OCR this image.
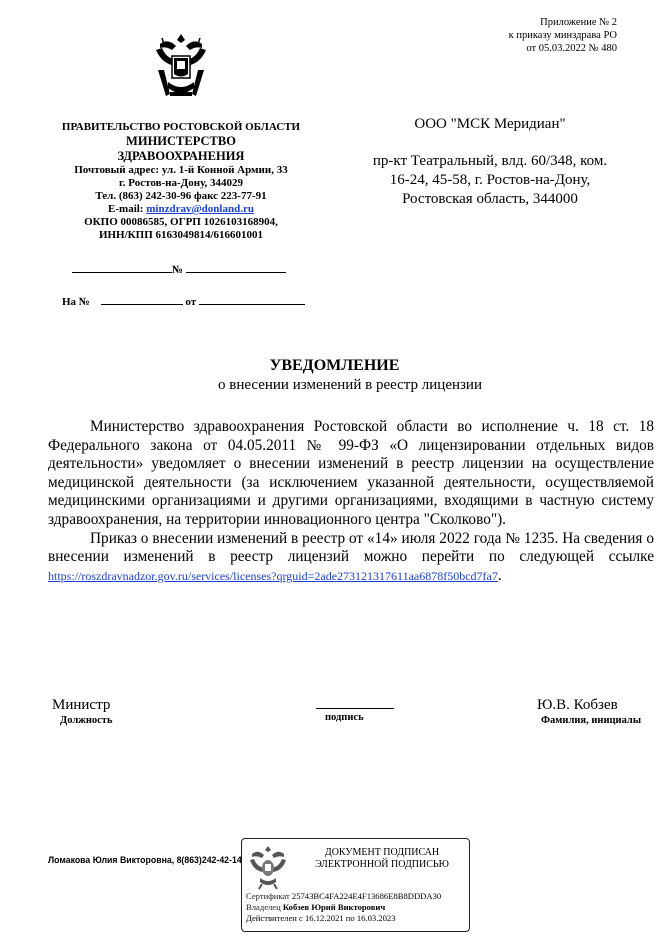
Приложение № 2
к приказу минздрава РО
от 05.03.2022 № 480
ПРАВИТЕЛЬСТВО РОСТОВСКОЙ ОБЛАСТИ
МИНИСТЕРСТВО
ЗДРАВООХРАНЕНИЯ
Почтовый адрес: ул. 1-й Конной Армии, 33
г. Ростов-на-Дону, 344029
Тел. (863) 242-30-96 факс 223-77-91
E-mail: minzdrav@donland.ru
ОКПО 00086585, ОГРП 1026103168904,
ИНН/КПП 6163049814/616601001
№
На №	от
ООО "МСК Меридиан"
пр-кт Театральный, влд. 60/348, ком.
16-24, 45-58, г. Ростов-на-Дону,
Ростовская область, 344000
УВЕДОМЛЕНИЕ
о внесении изменений в реестр лицензии

Министерство здравоохранения Ростовской области во исполнение ч. 18 ст. 18 Федерального закона от 04.05.2011 № 99-ФЗ «О лицензировании отдельных видов деятельности» уведомляет о внесении изменений в реестр лицензии на осуществление медицинской деятельности (за исключением указанной деятельности, осуществляемой медицинскими организациями и другими организациями, входящими в частную систему здравоохранения, на территории инновационного центра "Сколково").

Приказ о внесении изменений в реестр от «14» июля 2022 года № 1235. На сведения о внесении изменений в реестр лицензий можно перейти по следующей ссылке https://roszdravnadzor.gov.ru/services/licenses?qrguid=2ade273121317611aa6878f50bcd7fa7.

Министр
Должность	подпись
Ю.В. Кобзев
Фамилия, инициалы
Ломакова Юлия Викторовна, 8(863)242-42-14
ДОКУМЕНТ ПОДПИСАН
ЭЛЕКТРОННОЙ ПОДПИСЬЮ
Сертификат 25743BC4FA224E4F13686E8B8DDDA30
Владелец Кобзев Юрий Викторович
Действителен с 16.12.2021 по 16.03.2023
